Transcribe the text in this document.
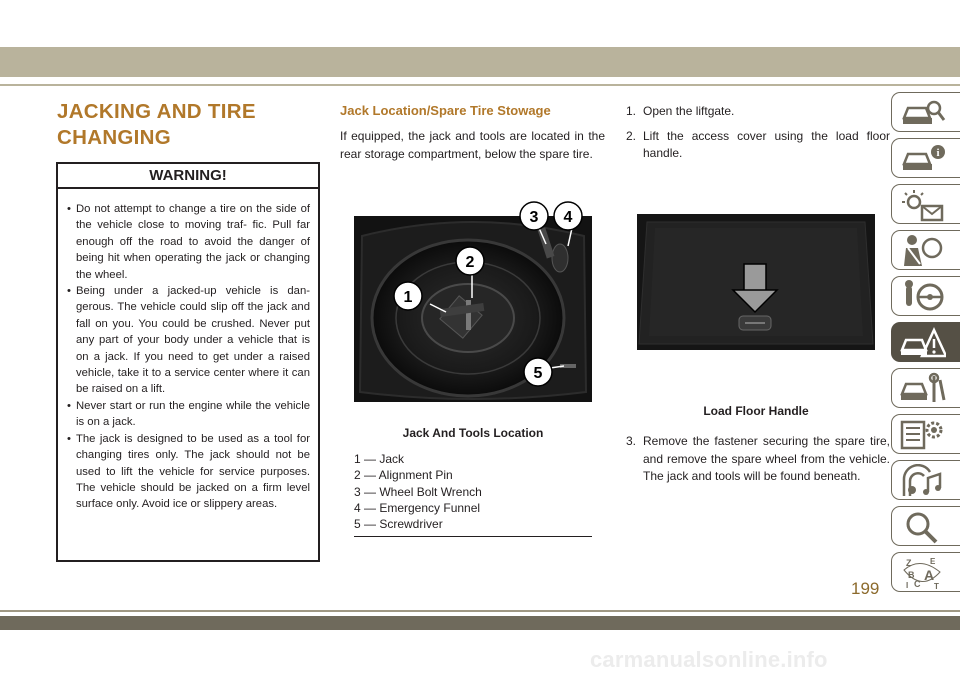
JACKING AND TIRE
CHANGING
WARNING!
• Do not attempt to change a tire on the side of the vehicle close to moving traf- fic. Pull far enough off the road to avoid the danger of being hit when operating the jack or changing the wheel.
• Being under a jacked-up vehicle is dan- gerous. The vehicle could slip off the jack and fall on you. You could be crushed. Never put any part of your body under a vehicle that is on a jack. If you need to get under a raised vehicle, take it to a service center where it can be raised on a lift.
• Never start or run the engine while the vehicle is on a jack.
• The jack is designed to be used as a tool for changing tires only. The jack should not be used to lift the vehicle for service purposes. The vehicle should be jacked on a firm level surface only. Avoid ice or slippery areas.
Jack Location/Spare Tire Stowage

If equipped, the jack and tools are located in the rear storage compartment, below the spare tire.

1
2
5
3 4
Jack And Tools Location
1 — Jack
2 — Alignment Pin
3 — Wheel Bolt Wrench
4 — Emergency Funnel
5 — Screwdriver
1. Open the liftgate.
2. Lift the access cover using the load floor handle.
Load Floor Handle
3. Remove the fastener securing the spare tire, and remove the spare wheel from the vehicle. The jack and tools will be found beneath.
i
Z E
B A
C
I	T
199
carmanualsonline.info
